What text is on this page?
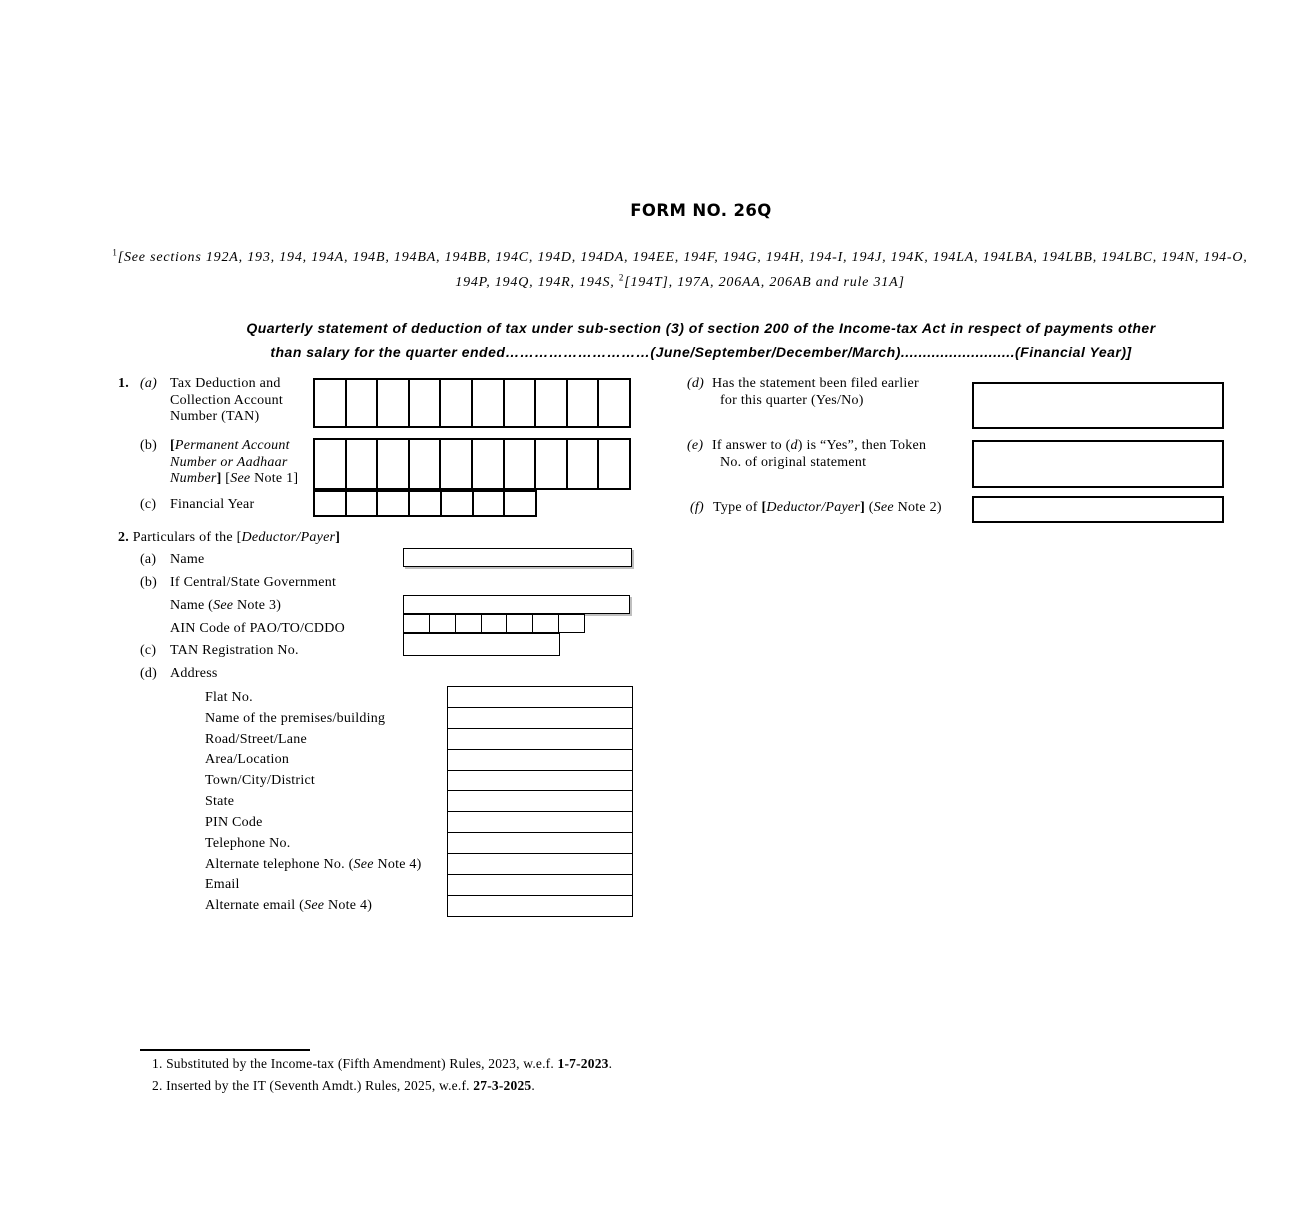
FORM NO. 26Q
$^1$[See sections 192A, 193, 194, 194A, 194B, 194BA, 194BB, 194C, 194D, 194DA, 194EE, 194F, 194G, 194H, 194-I, 194J, 194K, 194LA, 194LBA, 194LBB, 194LBC, 194N, 194-O,
194P, 194Q, 194R, 194S, $^2$[194T], 197A, 206AA, 206AB and rule 31A]
Quarterly statement of deduction of tax under sub-section (3) of section 200 of the Income-tax Act in respect of payments other
than salary for the quarter ended…………………………(June/September/December/March)..........................(Financial Year)]
1. (a) Tax Deduction and Collection Account Number (TAN)
(b) [Permanent Account Number or Aadhaar Number] [See Note 1]
(c) Financial Year
(d) Has the statement been filed earlier
for this quarter (Yes/No)
(e) If answer to (d) is “Yes”, then Token
No. of original statement
(f) Type of [Deductor/Payer] (See Note 2)
2. Particulars of the [Deductor/Payer]
(a) Name
(b) If Central/State Government
Name (See Note 3)
AIN Code of PAO/TO/CDDO
(c) TAN Registration No.
(d) Address
Flat No.
Name of the premises/building
Road/Street/Lane
Area/Location
Town/City/District
State
PIN Code
Telephone No.
Alternate telephone No. (See Note 4)
Email
Alternate email (See Note 4)
1. Substituted by the Income-tax (Fifth Amendment) Rules, 2023, w.e.f. 1-7-2023.
2. Inserted by the IT (Seventh Amdt.) Rules, 2025, w.e.f. 27-3-2025.
